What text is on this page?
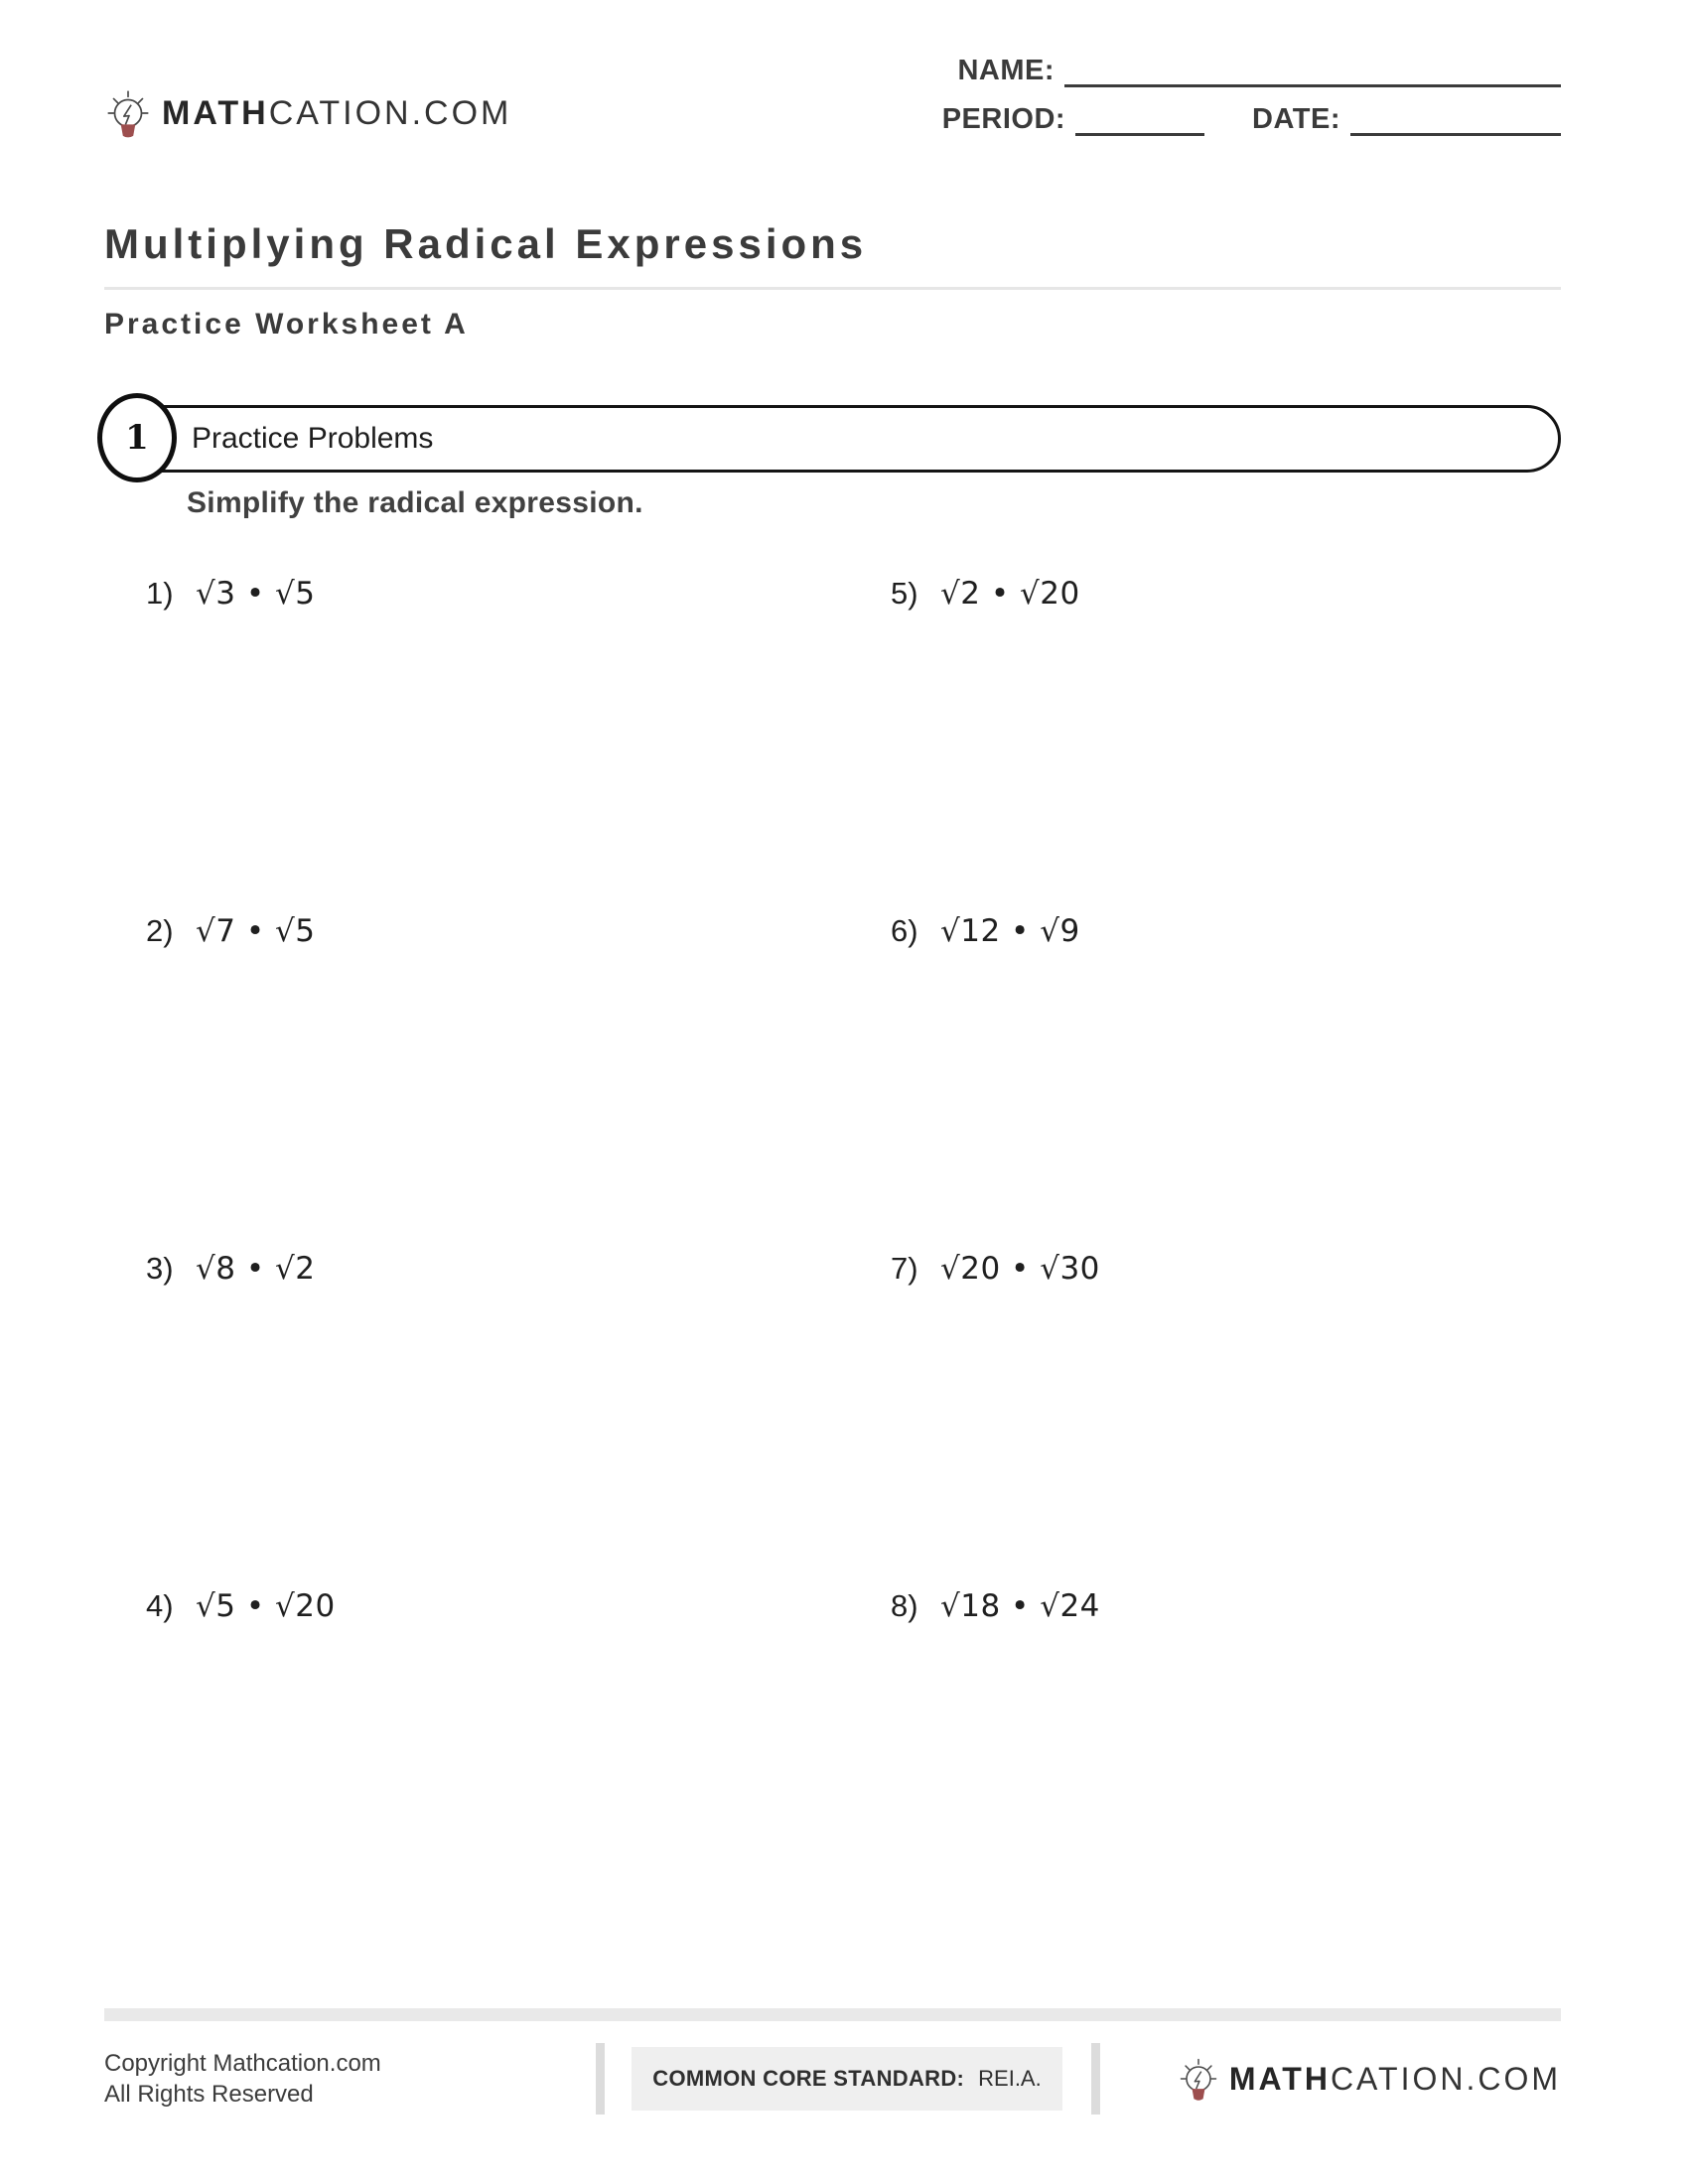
MATHCATION.COM
NAME:
PERIOD:	DATE:
Multiplying Radical Expressions
Practice Worksheet A
1 Practice Problems

Simplify the radical expression.

1) √3 • √5
2) √7 • √5
3) √8 • √2
4) √5 • √20
5) √2 • √20
6) √12 • √9
7) √20 • √30
8) √18 • √24
Copyright Mathcation.com
All Rights Reserved
COMMON CORE STANDARD: REI.A.	MATHCATION.COM
